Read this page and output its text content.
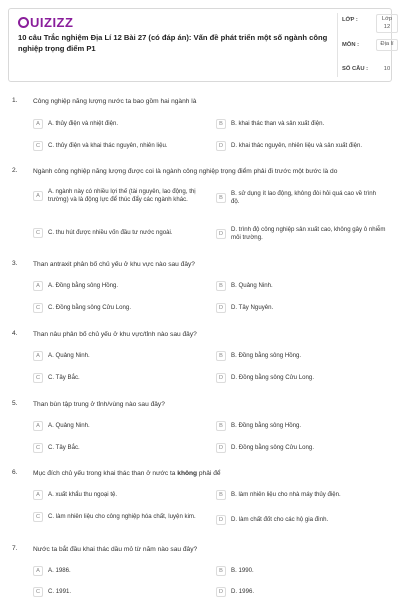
UIZIZZ
10 câu Trắc nghiệm Địa Lí 12 Bài 27 (có đáp án): Vấn đề phát triển một số ngành công nghiệp trọng điểm P1
LỚP :	Lớp 12
MÔN :	Địa lí
SỐ CÂU :	10
1. Công nghiệp năng lượng nước ta bao gồm hai ngành là
A	A. thủy điện và nhiệt điện.	B	B. khai thác than và sản xuất điện.
C	C. thủy điện và khai thác nguyên, nhiên liệu.	D	D. khai thác nguyên, nhiên liệu và sản xuất điện.
2. Ngành công nghiệp năng lượng được coi là ngành công nghiệp trọng điểm phải đi trước một bước là do
A
A. ngành này có nhiều lợi thế (tài nguyên, lao động, thị trường) và là động lực để thúc đẩy các ngành khác.	B
B. sử dụng ít lao động, không đòi hỏi quá cao về trình độ.
C	C. thu hút được nhiều vốn đầu tư nước ngoài.	D
D. trình độ công nghiệp sản xuất cao, không gây ô nhiễm môi trường.
3. Than antraxit phân bố chủ yếu ở khu vực nào sau đây?
A	A. Đồng bằng sông Hồng.	B	B. Quảng Ninh.
C	C. Đồng bằng sông Cửu Long.	D	D. Tây Nguyên.
4. Than nâu phân bố chủ yếu ở khu vực/tỉnh nào sau đây?
A	A. Quảng Ninh.	B	B. Đồng bằng sông Hồng.
C	C. Tây Bắc.	D	D. Đồng bằng sông Cửu Long.
5. Than bùn tập trung ở tỉnh/vùng nào sau đây?
A	A. Quảng Ninh.	B	B. Đồng bằng sông Hồng.
C	C. Tây Bắc.	D	D. Đồng bằng sông Cửu Long.
6. Mục đích chủ yếu trong khai thác than ở nước ta không phải để
A	A. xuất khẩu thu ngoại tệ.	B	B. làm nhiên liệu cho nhà máy thủy điện.
C	C. làm nhiên liệu cho công nghiệp hóa chất, luyện kim.	D	D. làm chất đốt cho các hộ gia đình.
7. Nước ta bắt đầu khai thác dầu mỏ từ năm nào sau đây?
A	A. 1986.	B	B. 1990.
C	C. 1991.	D	D. 1996.
